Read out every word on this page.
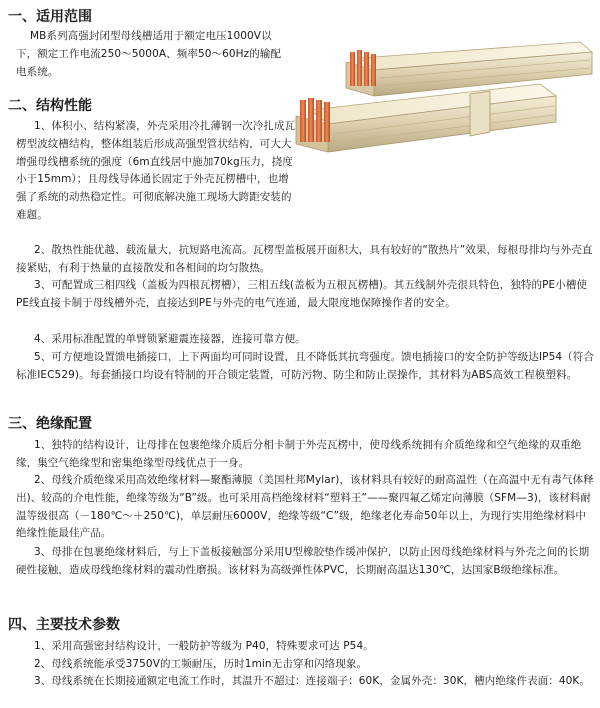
一、适用范围

MB系列高强封闭型母线槽适用于额定电压1000V以下，额定工作电流250～5000A、频率50～60Hz的输配电系统。

二、结构性能

1、体积小、结构紧凑，外壳采用冷扎薄钢一次冷扎成瓦楞型波纹槽结构，整体组装后形成高强型管状结构，可大大增强母线槽系统的强度（6m直线居中施加70kg压力，挠度小于15mm）；且母线导体通长固定于外壳瓦楞槽中，也增强了系统的动热稳定性。可彻底解决施工现场大跨距安装的难题。

2、散热性能优越、载流量大，抗短路电流高。瓦楞型盖板展开面积大，具有较好的“散热片”效果，每根母排均与外壳直接紧贴，有利于热量的直接散发和各相间的均匀散热。

3、可配置成三相四线（盖板为四根瓦楞槽），三相五线(盖板为五根瓦楞槽)。其五线制外壳很具特色，独特的PE小槽使PE线直接卡制于母线槽外壳，直接达到PE与外壳的电气连通，最大限度地保障操作者的安全。

4、采用标准配置的单臂锁紧避震连接器，连接可靠方便。

5、可方便地设置馈电插接口，上下两面均可同时设置，且不降低其抗弯强度。馈电插接口的安全防护等级达IP54（符合标准IEC529)。每套插接口均设有特制的开合锁定装置，可防污物、防尘和防止误操作，其材料为ABS高效工程模塑料。

三、绝缘配置

1、独特的结构设计，让母排在包裹绝缘介质后分相卡制于外壳瓦楞中，使母线系统拥有介质绝缘和空气绝缘的双重绝缘，集空气绝缘型和密集绝缘型母线优点于一身。

2、母线介质绝缘采用高效绝缘材料—聚酯薄膜（美国杜邦Mylar)，该材料具有较好的耐高温性（在高温中无有毒气体释出)、较高的介电性能，绝缘等级为“B”级。也可采用高档绝缘材料“塑料王”——聚四氟乙烯定向薄膜（SFM—3)，该材料耐温等级很高（－180℃～＋250℃)，单层耐压6000V，绝缘等级“C”级，绝缘老化寿命50年以上，为现行实用绝缘材料中绝缘性能最佳产品。

3、母排在包裹绝缘材料后，与上下盖板接触部分采用U型橡胶垫作缓冲保护，以防止因母线绝缘材料与外壳之间的长期硬性接触，造成母线绝缘材料的震动性磨损。该材料为高级弹性体PVC，长期耐高温达130℃，达国家B级绝缘标准。

四、主要技术参数

1、采用高强密封结构设计，一般防护等级为 P40，特殊要求可达 P54。

2、母线系统能承受3750V的工频耐压，历时1min无击穿和闪络现象。

3、母线系统在长期接通额定电流工作时，其温升不超过：连接端子：60K，金属外壳：30K，槽内绝缘件表面：40K。
